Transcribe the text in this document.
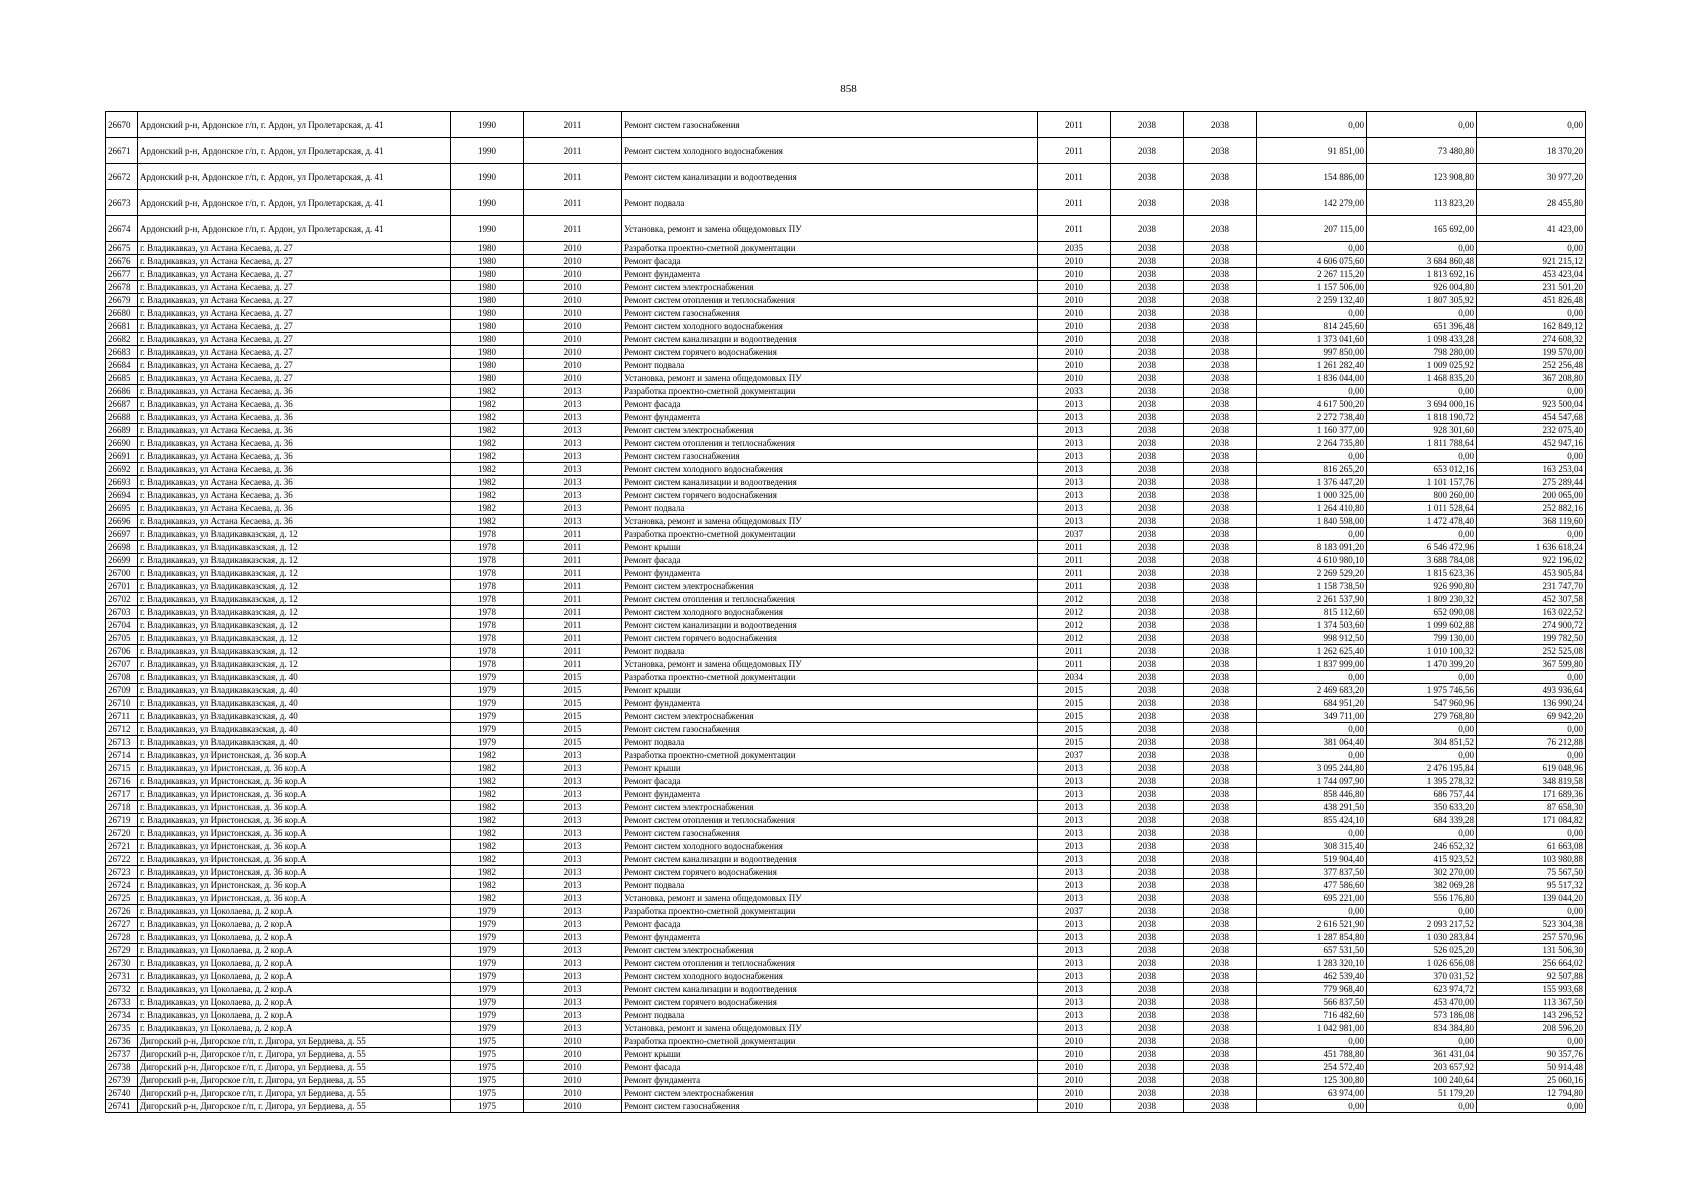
858
26670	Ардонский р-н, Ардонское г/п, г. Ардон, ул Пролетарская, д. 41	1990	2011	Ремонт систем газоснабжения	2011	2038	2038	0,00	0,00	0,00
26671	Ардонский р-н, Ардонское г/п, г. Ардон, ул Пролетарская, д. 41	1990	2011	Ремонт систем холодного водоснабжения	2011	2038	2038	91 851,00	73 480,80	18 370,20
26672	Ардонский р-н, Ардонское г/п, г. Ардон, ул Пролетарская, д. 41	1990	2011	Ремонт систем канализации и водоотведения	2011	2038	2038	154 886,00	123 908,80	30 977,20
26673	Ардонский р-н, Ардонское г/п, г. Ардон, ул Пролетарская, д. 41	1990	2011	Ремонт подвала	2011	2038	2038	142 279,00	113 823,20	28 455,80
26674	Ардонский р-н, Ардонское г/п, г. Ардон, ул Пролетарская, д. 41	1990	2011	Установка, ремонт и замена общедомовых ПУ	2011	2038	2038	207 115,00	165 692,00	41 423,00
26675	г. Владикавказ, ул Астана Кесаева, д. 27	1980	2010	Разработка проектно-сметной документации	2035	2038	2038	0,00	0,00	0,00
26676	г. Владикавказ, ул Астана Кесаева, д. 27	1980	2010	Ремонт фасада	2010	2038	2038	4 606 075,60	3 684 860,48	921 215,12
26677	г. Владикавказ, ул Астана Кесаева, д. 27	1980	2010	Ремонт фундамента	2010	2038	2038	2 267 115,20	1 813 692,16	453 423,04
26678	г. Владикавказ, ул Астана Кесаева, д. 27	1980	2010	Ремонт систем электроснабжения	2010	2038	2038	1 157 506,00	926 004,80	231 501,20
26679	г. Владикавказ, ул Астана Кесаева, д. 27	1980	2010	Ремонт систем отопления и теплоснабжения	2010	2038	2038	2 259 132,40	1 807 305,92	451 826,48
26680	г. Владикавказ, ул Астана Кесаева, д. 27	1980	2010	Ремонт систем газоснабжения	2010	2038	2038	0,00	0,00	0,00
26681	г. Владикавказ, ул Астана Кесаева, д. 27	1980	2010	Ремонт систем холодного водоснабжения	2010	2038	2038	814 245,60	651 396,48	162 849,12
26682	г. Владикавказ, ул Астана Кесаева, д. 27	1980	2010	Ремонт систем канализации и водоотведения	2010	2038	2038	1 373 041,60	1 098 433,28	274 608,32
26683	г. Владикавказ, ул Астана Кесаева, д. 27	1980	2010	Ремонт систем горячего водоснабжения	2010	2038	2038	997 850,00	798 280,00	199 570,00
26684	г. Владикавказ, ул Астана Кесаева, д. 27	1980	2010	Ремонт подвала	2010	2038	2038	1 261 282,40	1 009 025,92	252 256,48
26685	г. Владикавказ, ул Астана Кесаева, д. 27	1980	2010	Установка, ремонт и замена общедомовых ПУ	2010	2038	2038	1 836 044,00	1 468 835,20	367 208,80
26686	г. Владикавказ, ул Астана Кесаева, д. 36	1982	2013	Разработка проектно-сметной документации	2033	2038	2038	0,00	0,00	0,00
26687	г. Владикавказ, ул Астана Кесаева, д. 36	1982	2013	Ремонт фасада	2013	2038	2038	4 617 500,20	3 694 000,16	923 500,04
26688	г. Владикавказ, ул Астана Кесаева, д. 36	1982	2013	Ремонт фундамента	2013	2038	2038	2 272 738,40	1 818 190,72	454 547,68
26689	г. Владикавказ, ул Астана Кесаева, д. 36	1982	2013	Ремонт систем электроснабжения	2013	2038	2038	1 160 377,00	928 301,60	232 075,40
26690	г. Владикавказ, ул Астана Кесаева, д. 36	1982	2013	Ремонт систем отопления и теплоснабжения	2013	2038	2038	2 264 735,80	1 811 788,64	452 947,16
26691	г. Владикавказ, ул Астана Кесаева, д. 36	1982	2013	Ремонт систем газоснабжения	2013	2038	2038	0,00	0,00	0,00
26692	г. Владикавказ, ул Астана Кесаева, д. 36	1982	2013	Ремонт систем холодного водоснабжения	2013	2038	2038	816 265,20	653 012,16	163 253,04
26693	г. Владикавказ, ул Астана Кесаева, д. 36	1982	2013	Ремонт систем канализации и водоотведения	2013	2038	2038	1 376 447,20	1 101 157,76	275 289,44
26694	г. Владикавказ, ул Астана Кесаева, д. 36	1982	2013	Ремонт систем горячего водоснабжения	2013	2038	2038	1 000 325,00	800 260,00	200 065,00
26695	г. Владикавказ, ул Астана Кесаева, д. 36	1982	2013	Ремонт подвала	2013	2038	2038	1 264 410,80	1 011 528,64	252 882,16
26696	г. Владикавказ, ул Астана Кесаева, д. 36	1982	2013	Установка, ремонт и замена общедомовых ПУ	2013	2038	2038	1 840 598,00	1 472 478,40	368 119,60
26697	г. Владикавказ, ул Владикавказская, д. 12	1978	2011	Разработка проектно-сметной документации	2037	2038	2038	0,00	0,00	0,00
26698	г. Владикавказ, ул Владикавказская, д. 12	1978	2011	Ремонт крыши	2011	2038	2038	8 183 091,20	6 546 472,96	1 636 618,24
26699	г. Владикавказ, ул Владикавказская, д. 12	1978	2011	Ремонт фасада	2011	2038	2038	4 610 980,10	3 688 784,08	922 196,02
26700	г. Владикавказ, ул Владикавказская, д. 12	1978	2011	Ремонт фундамента	2011	2038	2038	2 269 529,20	1 815 623,36	453 905,84
26701	г. Владикавказ, ул Владикавказская, д. 12	1978	2011	Ремонт систем электроснабжения	2011	2038	2038	1 158 738,50	926 990,80	231 747,70
26702	г. Владикавказ, ул Владикавказская, д. 12	1978	2011	Ремонт систем отопления и теплоснабжения	2012	2038	2038	2 261 537,90	1 809 230,32	452 307,58
26703	г. Владикавказ, ул Владикавказская, д. 12	1978	2011	Ремонт систем холодного водоснабжения	2012	2038	2038	815 112,60	652 090,08	163 022,52
26704	г. Владикавказ, ул Владикавказская, д. 12	1978	2011	Ремонт систем канализации и водоотведения	2012	2038	2038	1 374 503,60	1 099 602,88	274 900,72
26705	г. Владикавказ, ул Владикавказская, д. 12	1978	2011	Ремонт систем горячего водоснабжения	2012	2038	2038	998 912,50	799 130,00	199 782,50
26706	г. Владикавказ, ул Владикавказская, д. 12	1978	2011	Ремонт подвала	2011	2038	2038	1 262 625,40	1 010 100,32	252 525,08
26707	г. Владикавказ, ул Владикавказская, д. 12	1978	2011	Установка, ремонт и замена общедомовых ПУ	2011	2038	2038	1 837 999,00	1 470 399,20	367 599,80
26708	г. Владикавказ, ул Владикавказская, д. 40	1979	2015	Разработка проектно-сметной документации	2034	2038	2038	0,00	0,00	0,00
26709	г. Владикавказ, ул Владикавказская, д. 40	1979	2015	Ремонт крыши	2015	2038	2038	2 469 683,20	1 975 746,56	493 936,64
26710	г. Владикавказ, ул Владикавказская, д. 40	1979	2015	Ремонт фундамента	2015	2038	2038	684 951,20	547 960,96	136 990,24
26711	г. Владикавказ, ул Владикавказская, д. 40	1979	2015	Ремонт систем электроснабжения	2015	2038	2038	349 711,00	279 768,80	69 942,20
26712	г. Владикавказ, ул Владикавказская, д. 40	1979	2015	Ремонт систем газоснабжения	2015	2038	2038	0,00	0,00	0,00
26713	г. Владикавказ, ул Владикавказская, д. 40	1979	2015	Ремонт подвала	2015	2038	2038	381 064,40	304 851,52	76 212,88
26714	г. Владикавказ, ул Иристонская, д. 36 кор.А	1982	2013	Разработка проектно-сметной документации	2037	2038	2038	0,00	0,00	0,00
26715	г. Владикавказ, ул Иристонская, д. 36 кор.А	1982	2013	Ремонт крыши	2013	2038	2038	3 095 244,80	2 476 195,84	619 048,96
26716	г. Владикавказ, ул Иристонская, д. 36 кор.А	1982	2013	Ремонт фасада	2013	2038	2038	1 744 097,90	1 395 278,32	348 819,58
26717	г. Владикавказ, ул Иристонская, д. 36 кор.А	1982	2013	Ремонт фундамента	2013	2038	2038	858 446,80	686 757,44	171 689,36
26718	г. Владикавказ, ул Иристонская, д. 36 кор.А	1982	2013	Ремонт систем электроснабжения	2013	2038	2038	438 291,50	350 633,20	87 658,30
26719	г. Владикавказ, ул Иристонская, д. 36 кор.А	1982	2013	Ремонт систем отопления и теплоснабжения	2013	2038	2038	855 424,10	684 339,28	171 084,82
26720	г. Владикавказ, ул Иристонская, д. 36 кор.А	1982	2013	Ремонт систем газоснабжения	2013	2038	2038	0,00	0,00	0,00
26721	г. Владикавказ, ул Иристонская, д. 36 кор.А	1982	2013	Ремонт систем холодного водоснабжения	2013	2038	2038	308 315,40	246 652,32	61 663,08
26722	г. Владикавказ, ул Иристонская, д. 36 кор.А	1982	2013	Ремонт систем канализации и водоотведения	2013	2038	2038	519 904,40	415 923,52	103 980,88
26723	г. Владикавказ, ул Иристонская, д. 36 кор.А	1982	2013	Ремонт систем горячего водоснабжения	2013	2038	2038	377 837,50	302 270,00	75 567,50
26724	г. Владикавказ, ул Иристонская, д. 36 кор.А	1982	2013	Ремонт подвала	2013	2038	2038	477 586,60	382 069,28	95 517,32
26725	г. Владикавказ, ул Иристонская, д. 36 кор.А	1982	2013	Установка, ремонт и замена общедомовых ПУ	2013	2038	2038	695 221,00	556 176,80	139 044,20
26726	г. Владикавказ, ул Цоколаева, д. 2 кор.А	1979	2013	Разработка проектно-сметной документации	2037	2038	2038	0,00	0,00	0,00
26727	г. Владикавказ, ул Цоколаева, д. 2 кор.А	1979	2013	Ремонт фасада	2013	2038	2038	2 616 521,90	2 093 217,52	523 304,38
26728	г. Владикавказ, ул Цоколаева, д. 2 кор.А	1979	2013	Ремонт фундамента	2013	2038	2038	1 287 854,80	1 030 283,84	257 570,96
26729	г. Владикавказ, ул Цоколаева, д. 2 кор.А	1979	2013	Ремонт систем электроснабжения	2013	2038	2038	657 531,50	526 025,20	131 506,30
26730	г. Владикавказ, ул Цоколаева, д. 2 кор.А	1979	2013	Ремонт систем отопления и теплоснабжения	2013	2038	2038	1 283 320,10	1 026 656,08	256 664,02
26731	г. Владикавказ, ул Цоколаева, д. 2 кор.А	1979	2013	Ремонт систем холодного водоснабжения	2013	2038	2038	462 539,40	370 031,52	92 507,88
26732	г. Владикавказ, ул Цоколаева, д. 2 кор.А	1979	2013	Ремонт систем канализации и водоотведения	2013	2038	2038	779 968,40	623 974,72	155 993,68
26733	г. Владикавказ, ул Цоколаева, д. 2 кор.А	1979	2013	Ремонт систем горячего водоснабжения	2013	2038	2038	566 837,50	453 470,00	113 367,50
26734	г. Владикавказ, ул Цоколаева, д. 2 кор.А	1979	2013	Ремонт подвала	2013	2038	2038	716 482,60	573 186,08	143 296,52
26735	г. Владикавказ, ул Цоколаева, д. 2 кор.А	1979	2013	Установка, ремонт и замена общедомовых ПУ	2013	2038	2038	1 042 981,00	834 384,80	208 596,20
26736	Дигорский р-н, Дигорское г/п, г. Дигора, ул Бердиева, д. 55	1975	2010	Разработка проектно-сметной документации	2010	2038	2038	0,00	0,00	0,00
26737	Дигорский р-н, Дигорское г/п, г. Дигора, ул Бердиева, д. 55	1975	2010	Ремонт крыши	2010	2038	2038	451 788,80	361 431,04	90 357,76
26738	Дигорский р-н, Дигорское г/п, г. Дигора, ул Бердиева, д. 55	1975	2010	Ремонт фасада	2010	2038	2038	254 572,40	203 657,92	50 914,48
26739	Дигорский р-н, Дигорское г/п, г. Дигора, ул Бердиева, д. 55	1975	2010	Ремонт фундамента	2010	2038	2038	125 300,80	100 240,64	25 060,16
26740	Дигорский р-н, Дигорское г/п, г. Дигора, ул Бердиева, д. 55	1975	2010	Ремонт систем электроснабжения	2010	2038	2038	63 974,00	51 179,20	12 794,80
26741	Дигорский р-н, Дигорское г/п, г. Дигора, ул Бердиева, д. 55	1975	2010	Ремонт систем газоснабжения	2010	2038	2038	0,00	0,00	0,00
